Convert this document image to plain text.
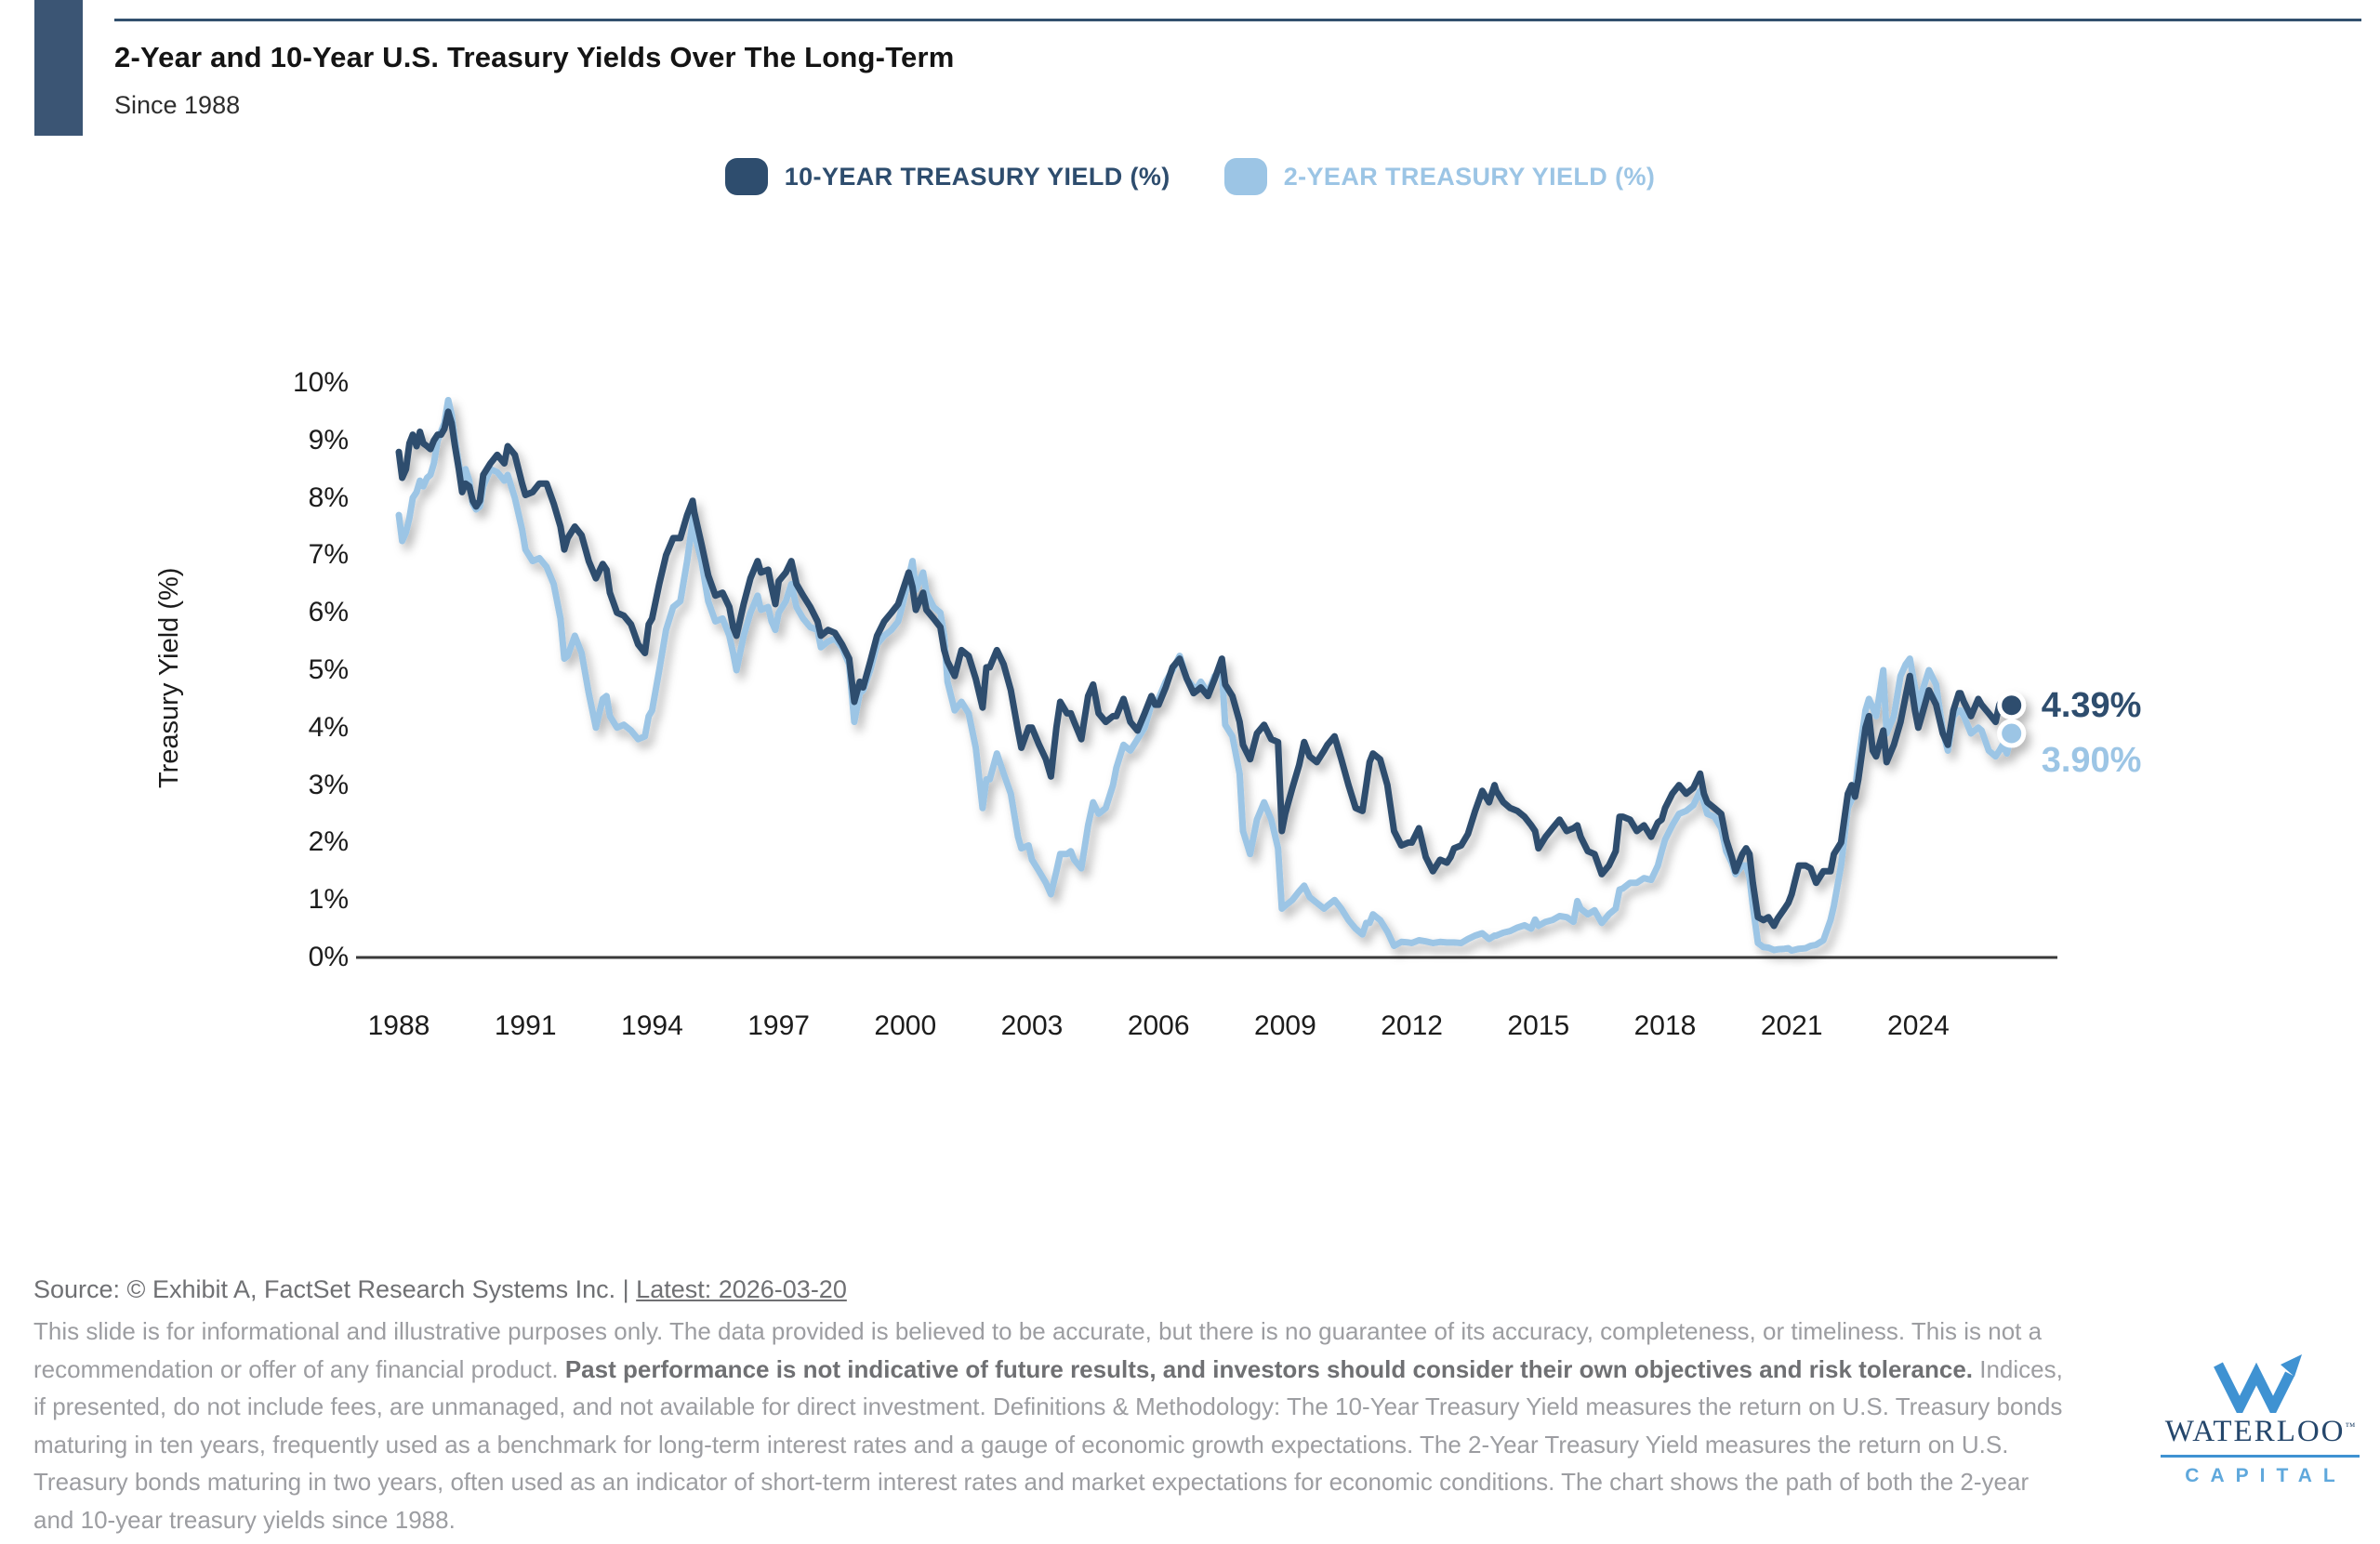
2-Year and 10-Year U.S. Treasury Yields Over The Long-Term
Since 1988
10-YEAR TREASURY YIELD (%)	2-YEAR TREASURY YIELD (%)
Treasury Yield (%)
Source: © Exhibit A, FactSet Research Systems Inc. | Latest: 2026-03-20
This slide is for informational and illustrative purposes only. The data provided is believed to be accurate, but there is no guarantee of its accuracy, completeness, or timeliness. This is not a recommendation or offer of any financial product. Past performance is not indicative of future results, and investors should consider their own objectives and risk tolerance. Indices, if presented, do not include fees, are unmanaged, and not available for direct investment. Definitions & Methodology: The 10-Year Treasury Yield measures the return on U.S. Treasury bonds maturing in ten years, frequently used as a benchmark for long-term interest rates and a gauge of economic growth expectations. The 2-Year Treasury Yield measures the return on U.S. Treasury bonds maturing in two years, often used as an indicator of short-term interest rates and market expectations for economic conditions. The chart shows the path of both the 2-year and 10-year treasury yields since 1988.
WATERLOO™
CAPITAL
10%
9%
8%
7%
6%
5%
4%
3%
2%
1%
0%
1988	1991	1994	1997	2000	2003	2006	2009	2012	2015	2018	2021	2024
4.39%
3.90%
